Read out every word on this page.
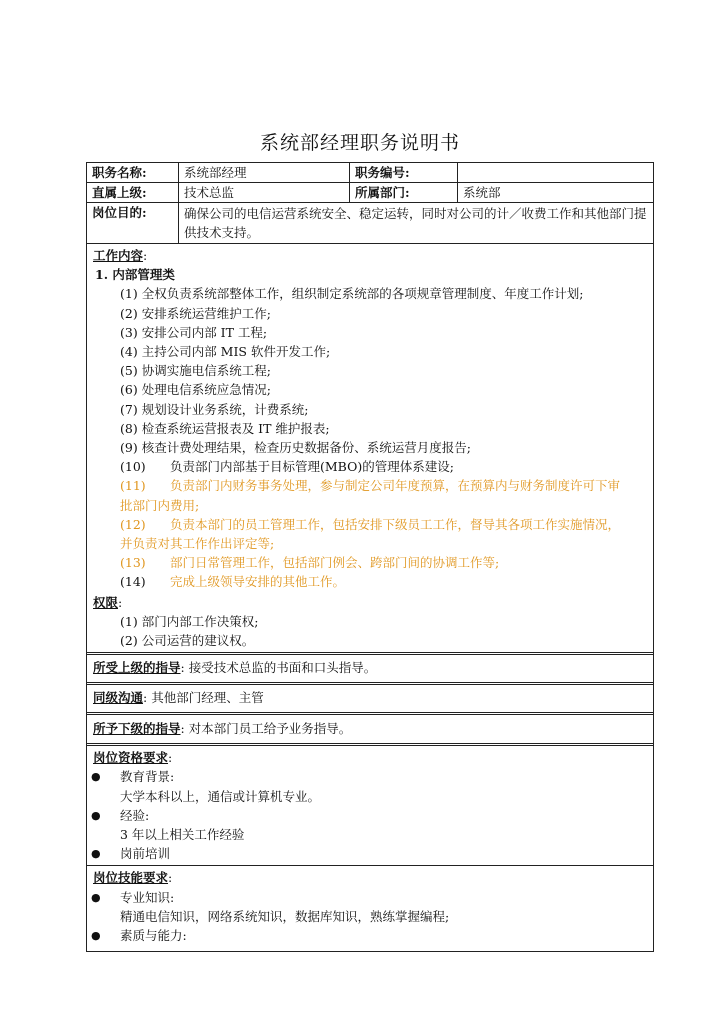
系统部经理职务说明书
职务名称:	系统部经理	职务编号:
直属上级:	技术总监	所属部门:	系统部
岗位目的:	确保公司的电信运营系统安全、稳定运转，同时对公司的计／收费工作和其他部门提供技术支持。
工作内容:
1. 内部管理类
(1) 全权负责系统部整体工作，组织制定系统部的各项规章管理制度、年度工作计划;
(2) 安排系统运营维护工作;
(3) 安排公司内部 IT 工程;
(4) 主持公司内部 MIS 软件开发工作;
(5) 协调实施电信系统工程;
(6) 处理电信系统应急情况;
(7) 规划设计业务系统，计费系统;
(8) 检查系统运营报表及 IT 维护报表;
(9) 核查计费处理结果，检查历史数据备份、系统运营月度报告;
(10) 负责部门内部基于目标管理(MBO)的管理体系建设;
(11) 负责部门内财务事务处理，参与制定公司年度预算，在预算内与财务制度许可下审
批部门内费用;
(12) 负责本部门的员工管理工作，包括安排下级员工工作，督导其各项工作实施情况，
并负责对其工作作出评定等;
(13) 部门日常管理工作，包括部门例会、跨部门间的协调工作等;
(14) 完成上级领导安排的其他工作。
权限:
(1) 部门内部工作决策权;
(2) 公司运营的建议权。
所受上级的指导: 接受技术总监的书面和口头指导。
同级沟通: 其他部门经理、主管
所予下级的指导: 对本部门员工给予业务指导。
岗位资格要求:
● 教育背景:
大学本科以上，通信或计算机专业。
● 经验:
3 年以上相关工作经验
● 岗前培训
岗位技能要求:
● 专业知识:
精通电信知识，网络系统知识，数据库知识，熟练掌握编程;
● 素质与能力:
